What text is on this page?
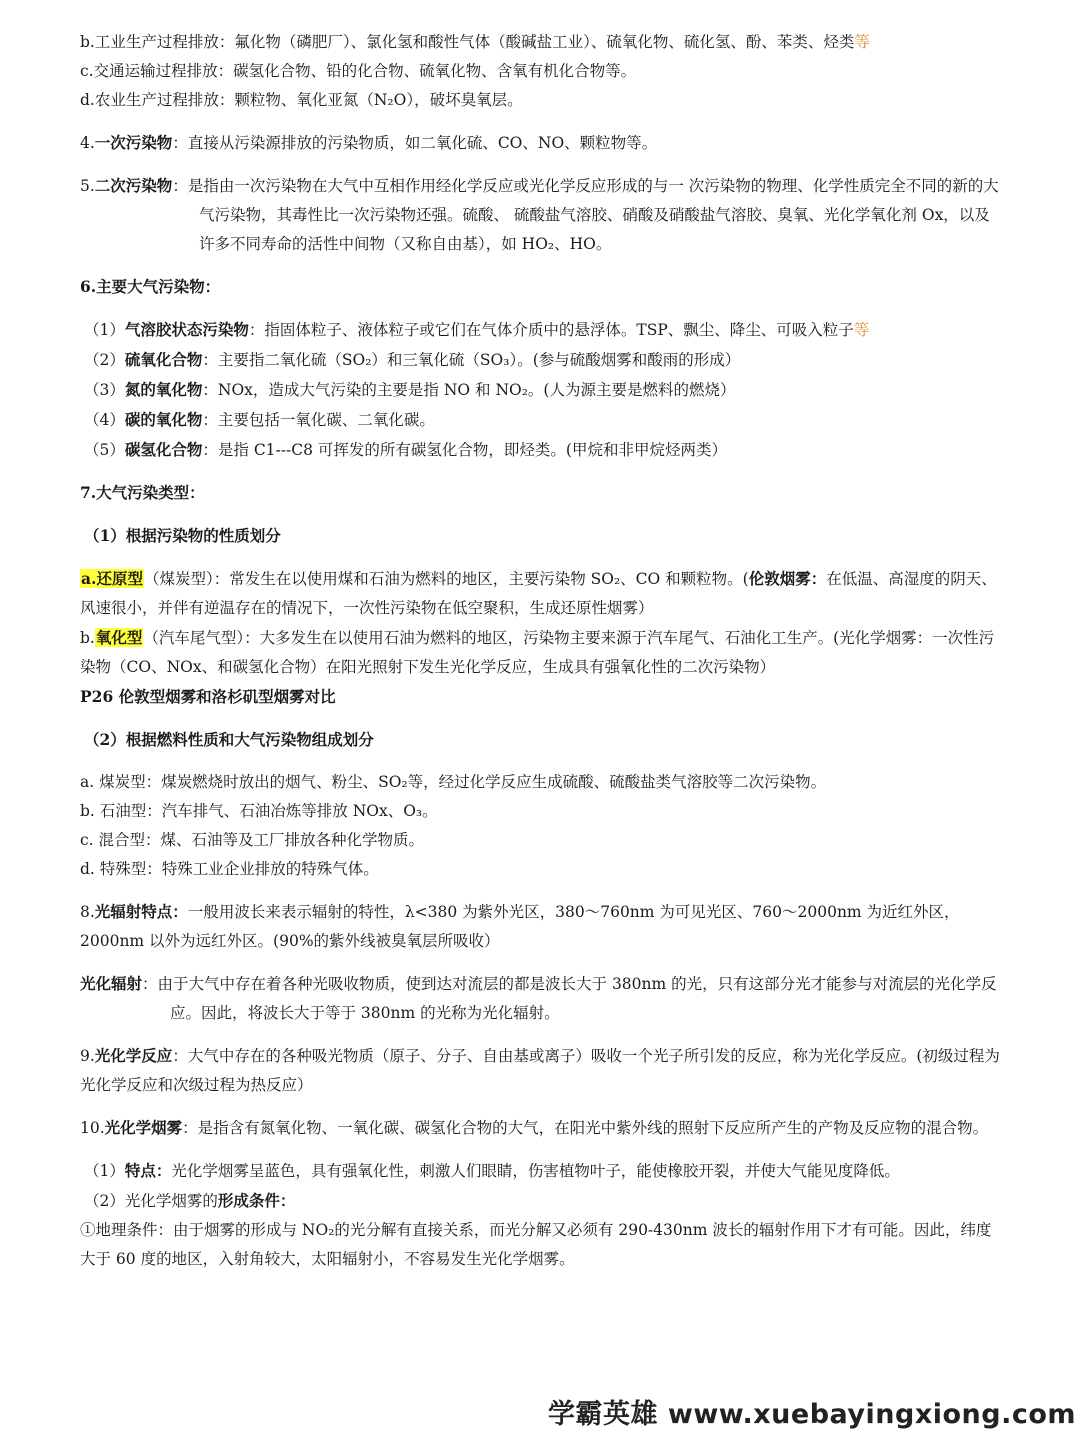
b.工业生产过程排放：氟化物（磷肥厂）、氯化氢和酸性气体（酸碱盐工业）、硫氧化物、硫化氢、酚、苯类、烃类等
c.交通运输过程排放：碳氢化合物、铅的化合物、硫氧化物、含氧有机化合物等。
d.农业生产过程排放：颗粒物、氧化亚氮（N₂O），破坏臭氧层。
4.一次污染物：直接从污染源排放的污染物质，如二氧化硫、CO、NO、颗粒物等。
5.二次污染物：是指由一次污染物在大气中互相作用经化学反应或光化学反应形成的与一 次污染物的物理、化学性质完全不同的新的大气污染物，其毒性比一次污染物还强。硫酸、 硫酸盐气溶胶、硝酸及硝酸盐气溶胶、臭氧、光化学氧化剂 Ox，以及许多不同寿命的活性中间物（又称自由基），如 HO₂、HO。
6.主要大气污染物：
（1）气溶胶状态污染物：指固体粒子、液体粒子或它们在气体介质中的悬浮体。TSP、飘尘、降尘、可吸入粒子等
（2）硫氧化合物：主要指二氧化硫（SO₂）和三氧化硫（SO₃）。(参与硫酸烟雾和酸雨的形成）
（3）氮的氧化物：NOx，造成大气污染的主要是指 NO 和 NO₂。(人为源主要是燃料的燃烧）
（4）碳的氧化物：主要包括一氧化碳、二氧化碳。
（5）碳氢化合物：是指 C1---C8 可挥发的所有碳氢化合物，即烃类。(甲烷和非甲烷烃两类）
7.大气污染类型：
（1）根据污染物的性质划分
a.还原型（煤炭型）：常发生在以使用煤和石油为燃料的地区，主要污染物 SO₂、CO 和颗粒物。(伦敦烟雾：在低温、高湿度的阴天、风速很小，并伴有逆温存在的情况下，一次性污染物在低空聚积，生成还原性烟雾）
b.氧化型（汽车尾气型）：大多发生在以使用石油为燃料的地区，污染物主要来源于汽车尾气、石油化工生产。(光化学烟雾：一次性污染物（CO、NOx、和碳氢化合物）在阳光照射下发生光化学反应，生成具有强氧化性的二次污染物）
P26 伦敦型烟雾和洛杉矶型烟雾对比
（2）根据燃料性质和大气污染物组成划分
a. 煤炭型：煤炭燃烧时放出的烟气、粉尘、SO₂等，经过化学反应生成硫酸、硫酸盐类气溶胶等二次污染物。
b. 石油型：汽车排气、石油冶炼等排放 NOx、O₃。
c. 混合型：煤、石油等及工厂排放各种化学物质。
d. 特殊型：特殊工业企业排放的特殊气体。
8.光辐射特点：一般用波长来表示辐射的特性，λ<380 为紫外光区，380～760nm 为可见光区、760～2000nm 为近红外区，2000nm 以外为远红外区。(90%的紫外线被臭氧层所吸收）
光化辐射：由于大气中存在着各种光吸收物质，使到达对流层的都是波长大于 380nm 的光，只有这部分光才能参与对流层的光化学反应。因此，将波长大于等于 380nm 的光称为光化辐射。
9.光化学反应：大气中存在的各种吸光物质（原子、分子、自由基或离子）吸收一个光子所引发的反应，称为光化学反应。(初级过程为光化学反应和次级过程为热反应）
10.光化学烟雾：是指含有氮氧化物、一氧化碳、碳氢化合物的大气，在阳光中紫外线的照射下反应所产生的产物及反应物的混合物。
（1）特点：光化学烟雾呈蓝色，具有强氧化性，刺激人们眼睛，伤害植物叶子，能使橡胶开裂，并使大气能见度降低。
（2）光化学烟雾的形成条件：
①地理条件：由于烟雾的形成与 NO₂的光分解有直接关系，而光分解又必须有 290-430nm 波长的辐射作用下才有可能。因此，纬度大于 60 度的地区，入射角较大，太阳辐射小，不容易发生光化学烟雾。
学霸英雄 www.xuebayingxiong.com
